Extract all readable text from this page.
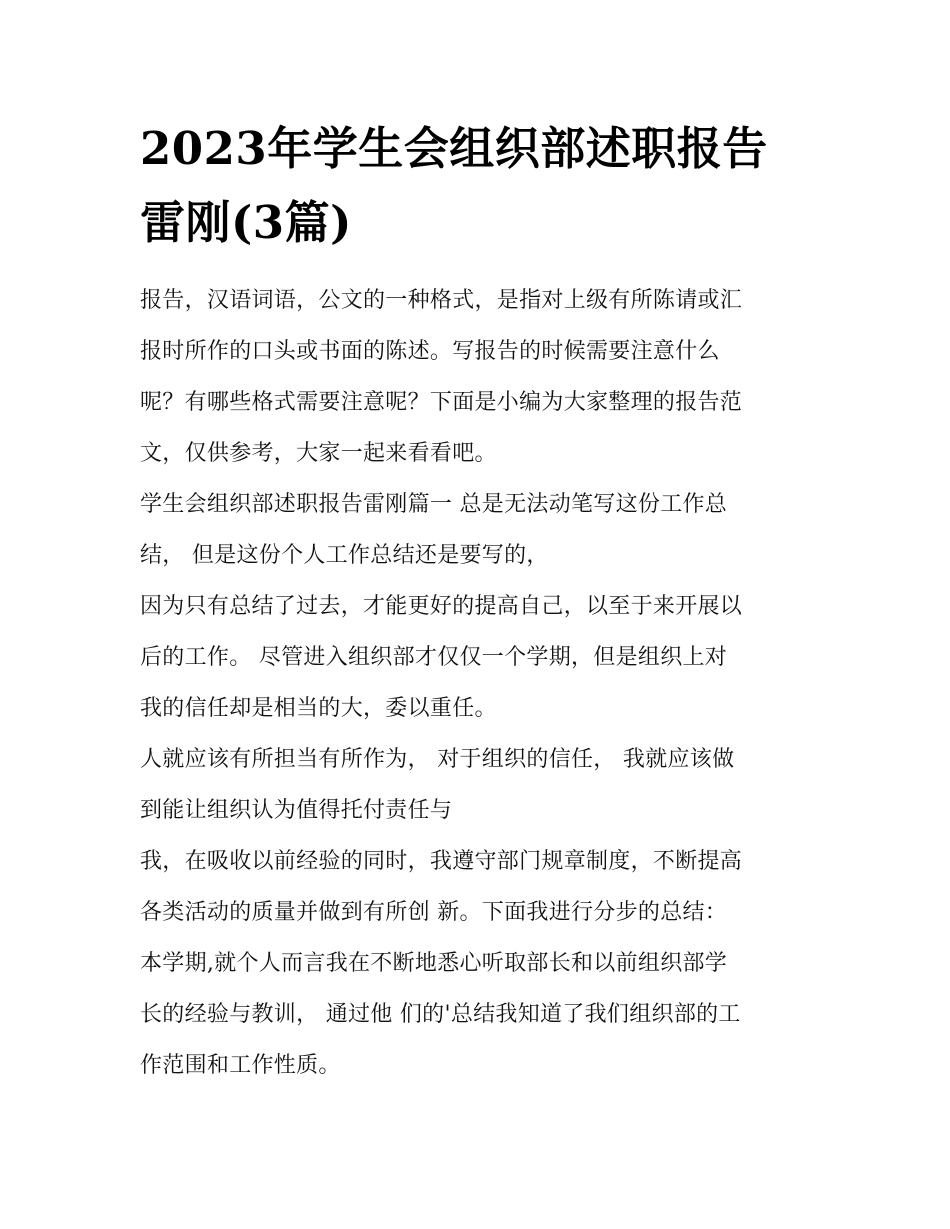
2023年学生会组织部述职报告
雷刚(3篇)

报告，汉语词语，公文的一种格式，是指对上级有所陈请或汇
报时所作的口头或书面的陈述。写报告的时候需要注意什么
呢？有哪些格式需要注意呢？下面是小编为大家整理的报告范
文，仅供参考，大家一起来看看吧。

学生会组织部述职报告雷刚篇一 总是无法动笔写这份工作总
结， 但是这份个人工作总结还是要写的，

因为只有总结了过去，才能更好的提高自己，以至于来开展以
后的工作。 尽管进入组织部才仅仅一个学期，但是组织上对
我的信任却是相当的大，委以重任。

人就应该有所担当有所作为， 对于组织的信任， 我就应该做
到能让组织认为值得托付责任与

我，在吸收以前经验的同时，我遵守部门规章制度，不断提高
各类活动的质量并做到有所创 新。下面我进行分步的总结：

本学期,就个人而言我在不断地悉心听取部长和以前组织部学
长的经验与教训， 通过他 们的'总结我知道了我们组织部的工
作范围和工作性质。
